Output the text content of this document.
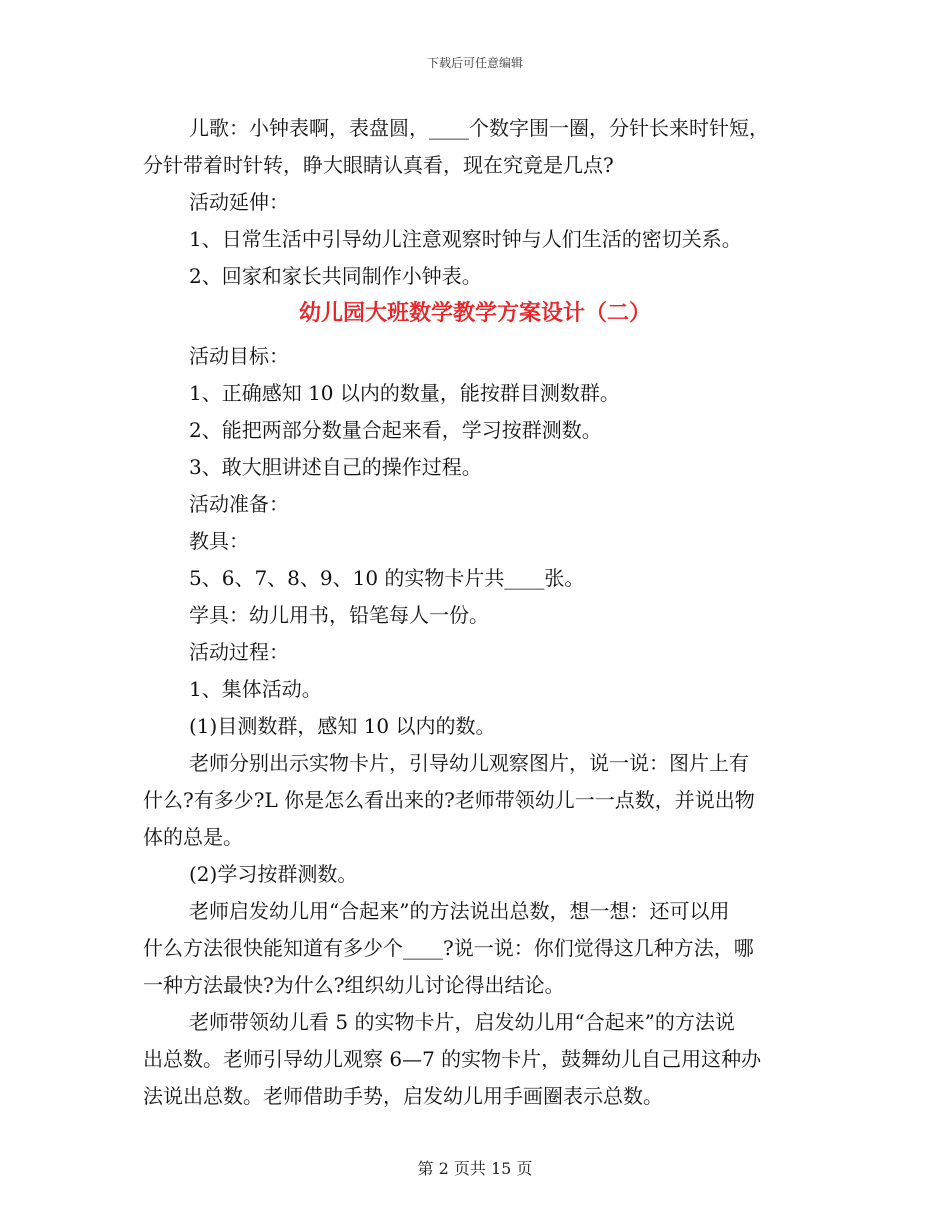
下载后可任意编辑
儿歌：小钟表啊，表盘圆，____个数字围一圈，分针长来时针短，
分针带着时针转，睁大眼睛认真看，现在究竟是几点?
活动延伸：
1、日常生活中引导幼儿注意观察时钟与人们生活的密切关系。
2、回家和家长共同制作小钟表。
幼儿园大班数学教学方案设计（二）
活动目标：
1、正确感知 10 以内的数量，能按群目测数群。
2、能把两部分数量合起来看，学习按群测数。
3、敢大胆讲述自己的操作过程。
活动准备：
教具：
5、6、7、8、9、10 的实物卡片共____张。
学具：幼儿用书，铅笔每人一份。
活动过程：
1、集体活动。
(1)目测数群，感知 10 以内的数。
老师分别出示实物卡片，引导幼儿观察图片，说一说：图片上有
什么?有多少?L 你是怎么看出来的?老师带领幼儿一一点数，并说出物
体的总是。
(2)学习按群测数。
老师启发幼儿用“合起来”的方法说出总数，想一想：还可以用
什么方法很快能知道有多少个____?说一说：你们觉得这几种方法，哪
一种方法最快?为什么?组织幼儿讨论得出结论。
老师带领幼儿看 5 的实物卡片，启发幼儿用“合起来”的方法说
出总数。老师引导幼儿观察 6—7 的实物卡片，鼓舞幼儿自己用这种办
法说出总数。老师借助手势，启发幼儿用手画圈表示总数。
第 2 页共 15 页
